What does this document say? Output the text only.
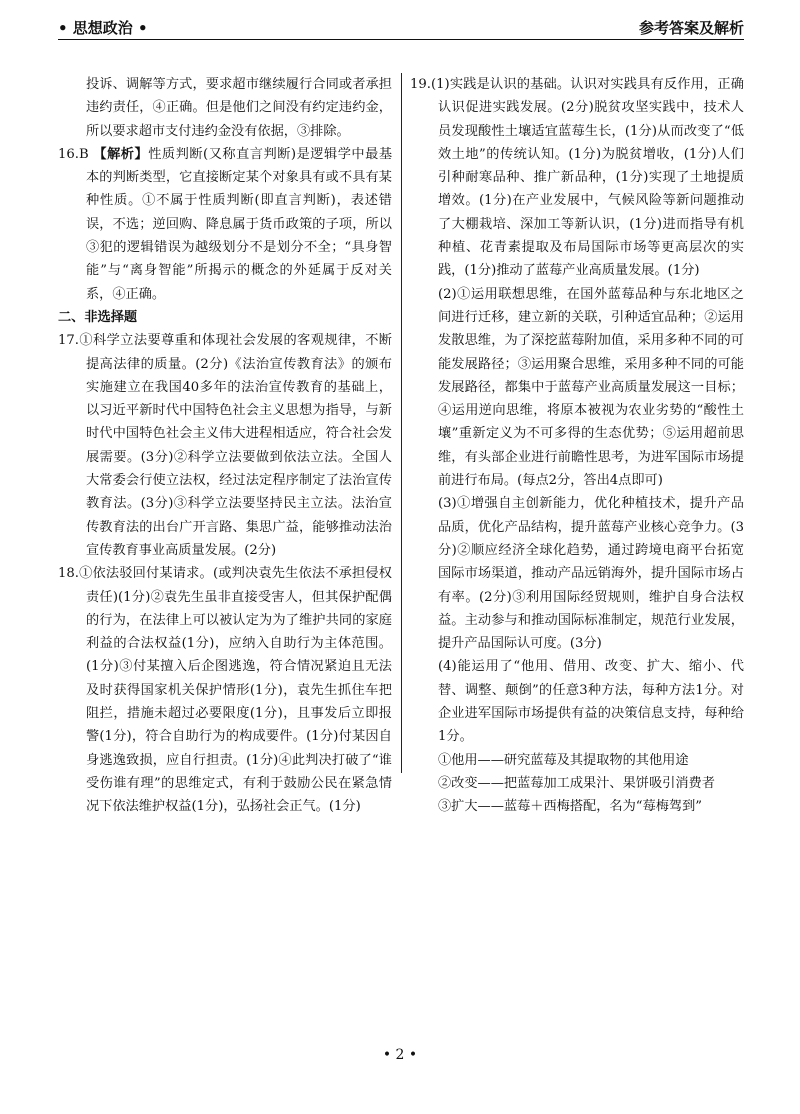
• 思想政治 •	参考答案及解析

投诉、调解等方式，要求超市继续履行合同或者承担违约责任，④正确。但是他们之间没有约定违约金，所以要求超市支付违约金没有依据，③排除。

16.B 【解析】性质判断(又称直言判断)是逻辑学中最基本的判断类型，它直接断定某个对象具有或不具有某种性质。①不属于性质判断(即直言判断)，表述错误，不选；逆回购、降息属于货币政策的子项，所以③犯的逻辑错误为越级划分不是划分不全；“具身智能”与“离身智能”所揭示的概念的外延属于反对关系，④正确。

二、非选择题

17.①科学立法要尊重和体现社会发展的客观规律，不断提高法律的质量。(2分)《法治宣传教育法》的颁布实施建立在我国40多年的法治宣传教育的基础上，以习近平新时代中国特色社会主义思想为指导，与新时代中国特色社会主义伟大进程相适应，符合社会发展需要。(3分)②科学立法要做到依法立法。全国人大常委会行使立法权，经过法定程序制定了法治宣传教育法。(3分)③科学立法要坚持民主立法。法治宣传教育法的出台广开言路、集思广益，能够推动法治宣传教育事业高质量发展。(2分)

18.①依法驳回付某请求。(或判决袁先生依法不承担侵权责任)(1分)②袁先生虽非直接受害人，但其保护配偶的行为，在法律上可以被认定为为了维护共同的家庭利益的合法权益(1分)，应纳入自助行为主体范围。(1分)③付某擅入后企图逃逸，符合情况紧迫且无法及时获得国家机关保护情形(1分)，袁先生抓住车把阻拦，措施未超过必要限度(1分)，且事发后立即报警(1分)，符合自助行为的构成要件。(1分)付某因自身逃逸致损，应自行担责。(1分)④此判决打破了“谁受伤谁有理”的思维定式，有利于鼓励公民在紧急情况下依法维护权益(1分)，弘扬社会正气。(1分)

19.(1)实践是认识的基础。认识对实践具有反作用，正确认识促进实践发展。(2分)脱贫攻坚实践中，技术人员发现酸性土壤适宜蓝莓生长，(1分)从而改变了“低效土地”的传统认知。(1分)为脱贫增收，(1分)人们引种耐寒品种、推广新品种，(1分)实现了土地提质增效。(1分)在产业发展中，气候风险等新问题推动了大棚栽培、深加工等新认识，(1分)进而指导有机种植、花青素提取及布局国际市场等更高层次的实践，(1分)推动了蓝莓产业高质量发展。(1分)

(2)①运用联想思维，在国外蓝莓品种与东北地区之间进行迁移，建立新的关联，引种适宜品种；②运用发散思维，为了深挖蓝莓附加值，采用多种不同的可能发展路径；③运用聚合思维，采用多种不同的可能发展路径，都集中于蓝莓产业高质量发展这一目标；④运用逆向思维，将原本被视为农业劣势的“酸性土壤”重新定义为不可多得的生态优势；⑤运用超前思维，有头部企业进行前瞻性思考，为进军国际市场提前进行布局。(每点2分，答出4点即可)

(3)①增强自主创新能力，优化种植技术，提升产品品质，优化产品结构，提升蓝莓产业核心竞争力。(3分)②顺应经济全球化趋势，通过跨境电商平台拓宽国际市场渠道，推动产品远销海外，提升国际市场占有率。(2分)③利用国际经贸规则，维护自身合法权益。主动参与和推动国际标准制定，规范行业发展，提升产品国际认可度。(3分)

(4)能运用了“他用、借用、改变、扩大、缩小、代替、调整、颠倒”的任意3种方法，每种方法1分。对企业进军国际市场提供有益的决策信息支持，每种给1分。

①他用——研究蓝莓及其提取物的其他用途

②改变——把蓝莓加工成果汁、果饼吸引消费者

③扩大——蓝莓＋西梅搭配，名为“莓梅驾到”

• 2 •
